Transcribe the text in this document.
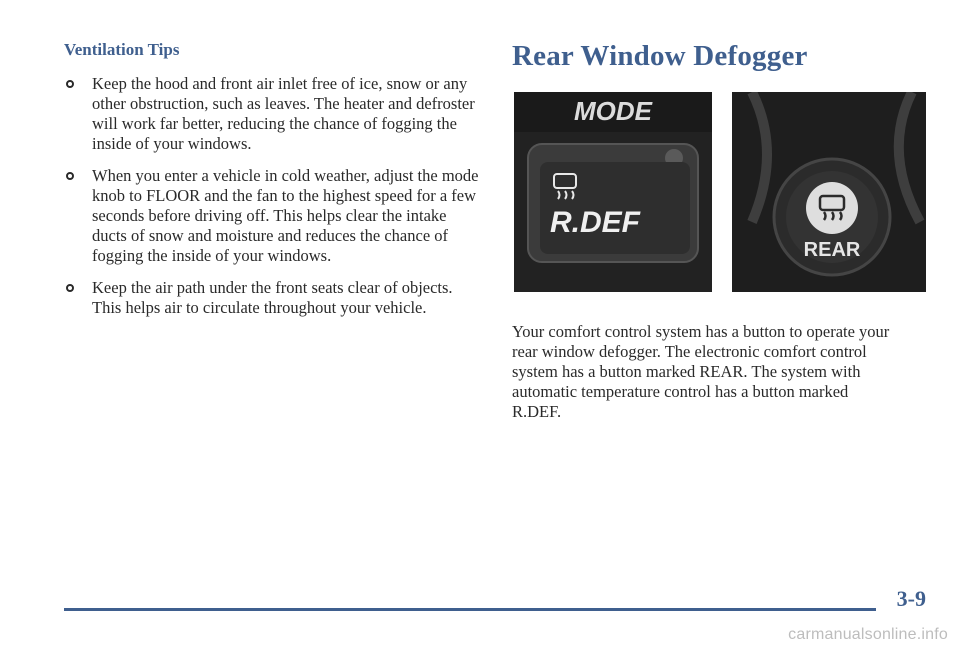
Ventilation Tips
Keep the hood and front air inlet free of ice, snow or any other obstruction, such as leaves. The heater and defroster will work far better, reducing the chance of fogging the inside of your windows.
When you enter a vehicle in cold weather, adjust the mode knob to FLOOR and the fan to the highest speed for a few seconds before driving off. This helps clear the intake ducts of snow and moisture and reduces the chance of fogging the inside of your windows.
Keep the air path under the front seats clear of objects. This helps air to circulate throughout your vehicle.
Rear Window Defogger
MODE
R.DEF
REAR

Your comfort control system has a button to operate your rear window defogger. The electronic comfort control system has a button marked REAR. The system with automatic temperature control has a button marked R.DEF.

3-9
carmanualsonline.info
